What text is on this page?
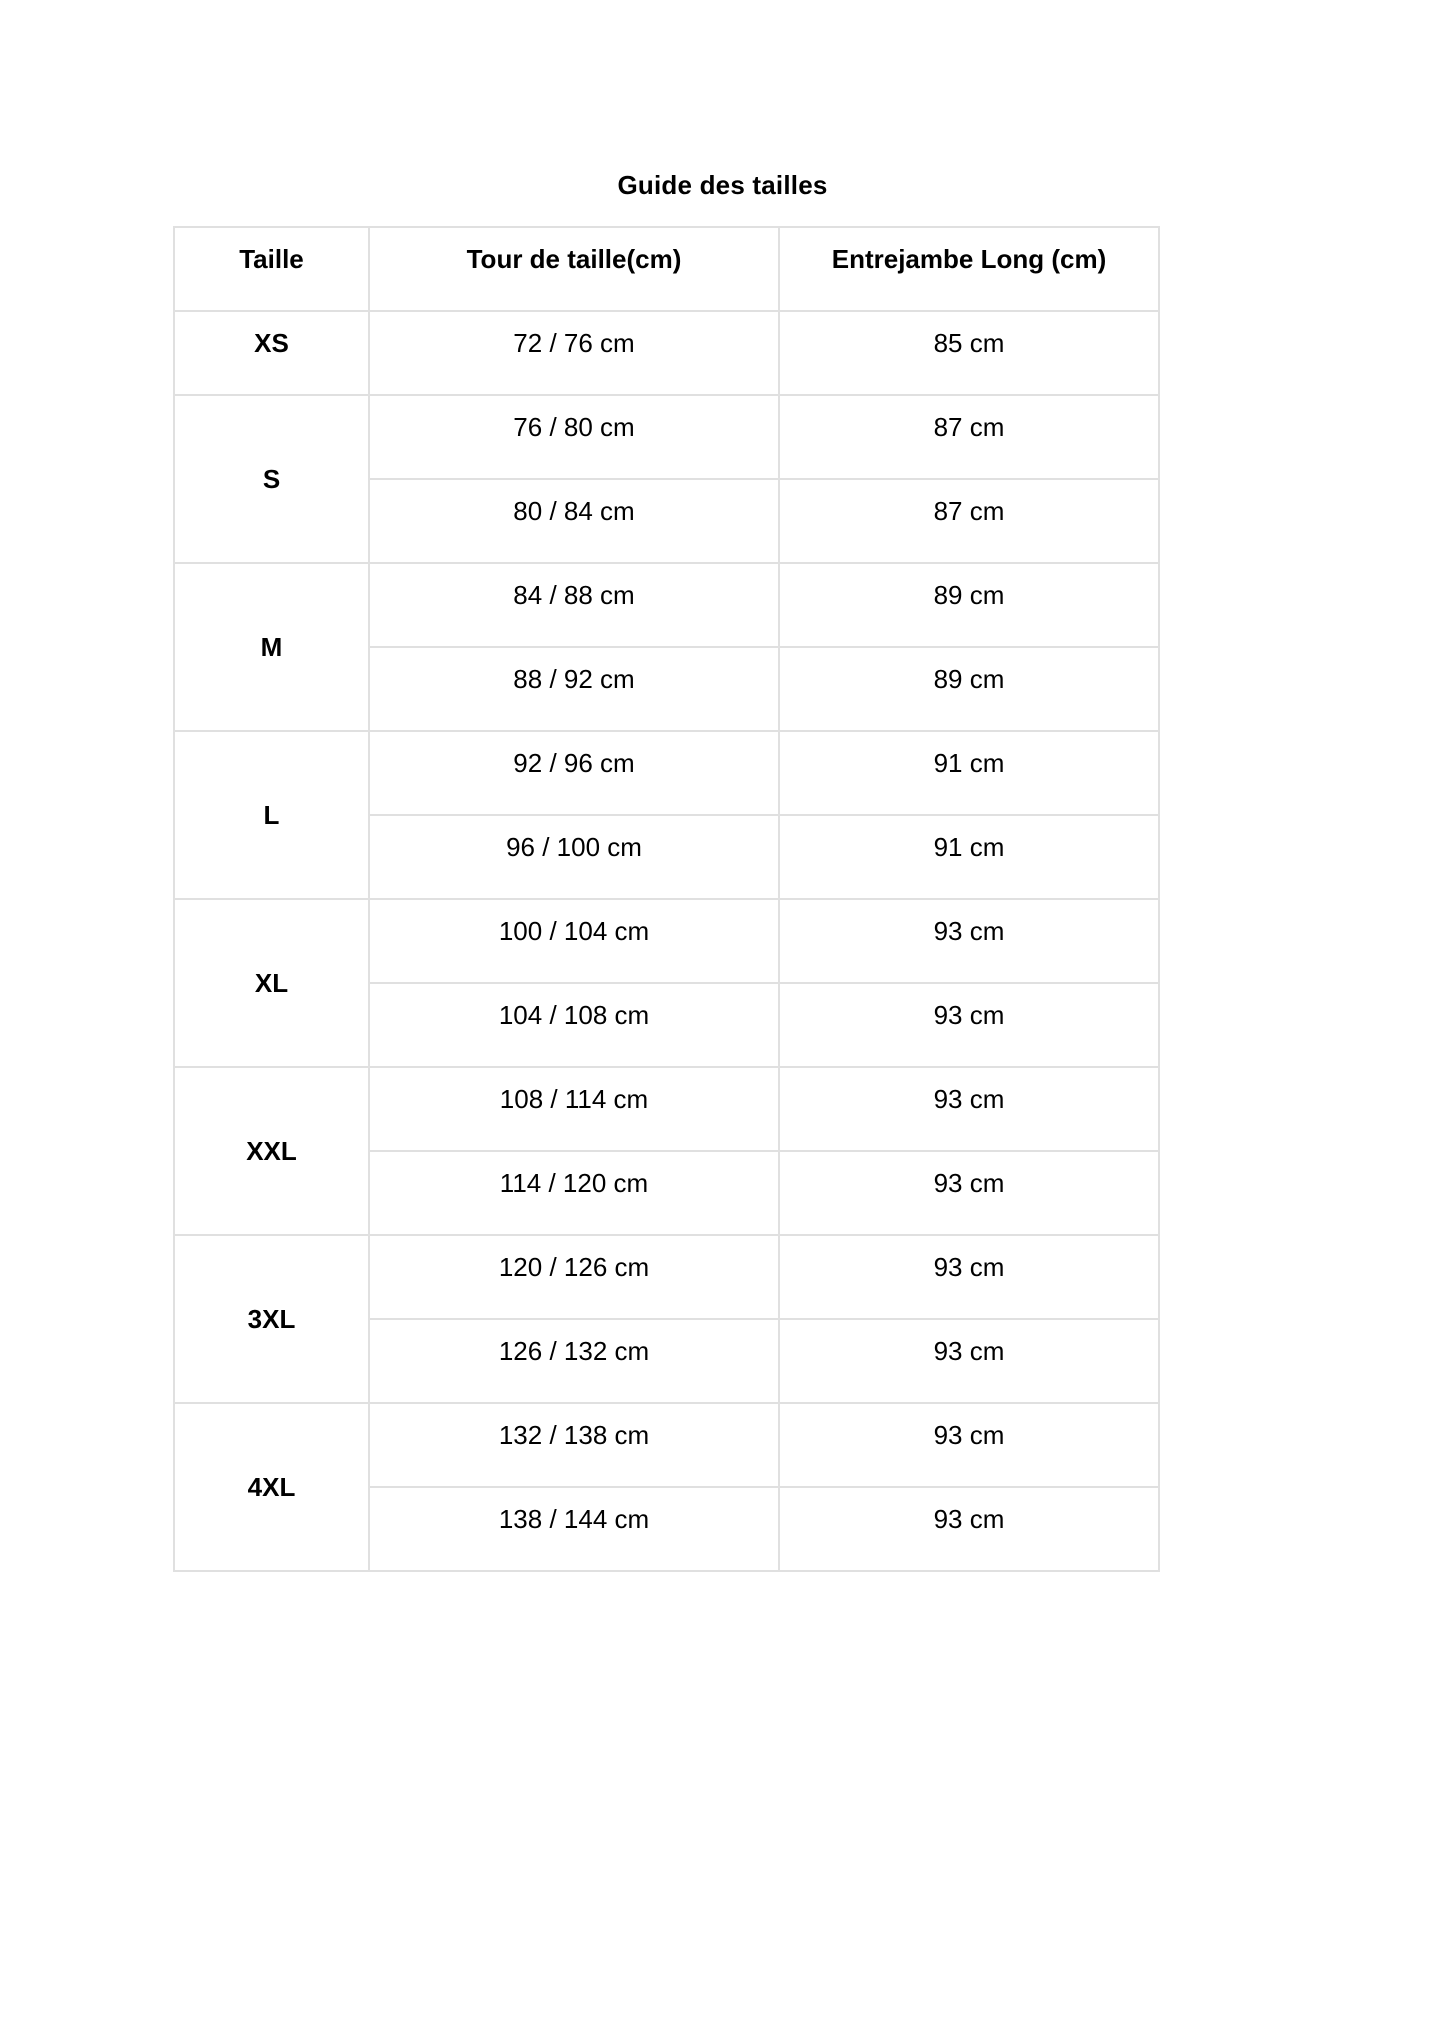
Guide des tailles
Taille	Tour de taille(cm)	Entrejambe Long (cm)
XS	72 / 76 cm	85 cm
S	76 / 80 cm	87 cm
	80 / 84 cm	87 cm
M	84 / 88 cm	89 cm
	88 / 92 cm	89 cm
L	92 / 96 cm	91 cm
	96 / 100 cm	91 cm
XL	100 / 104 cm	93 cm
	104 / 108 cm	93 cm
XXL	108 / 114 cm	93 cm
	114 / 120 cm	93 cm
3XL	120 / 126 cm	93 cm
	126 / 132 cm	93 cm
4XL	132 / 138 cm	93 cm
	138 / 144 cm	93 cm
